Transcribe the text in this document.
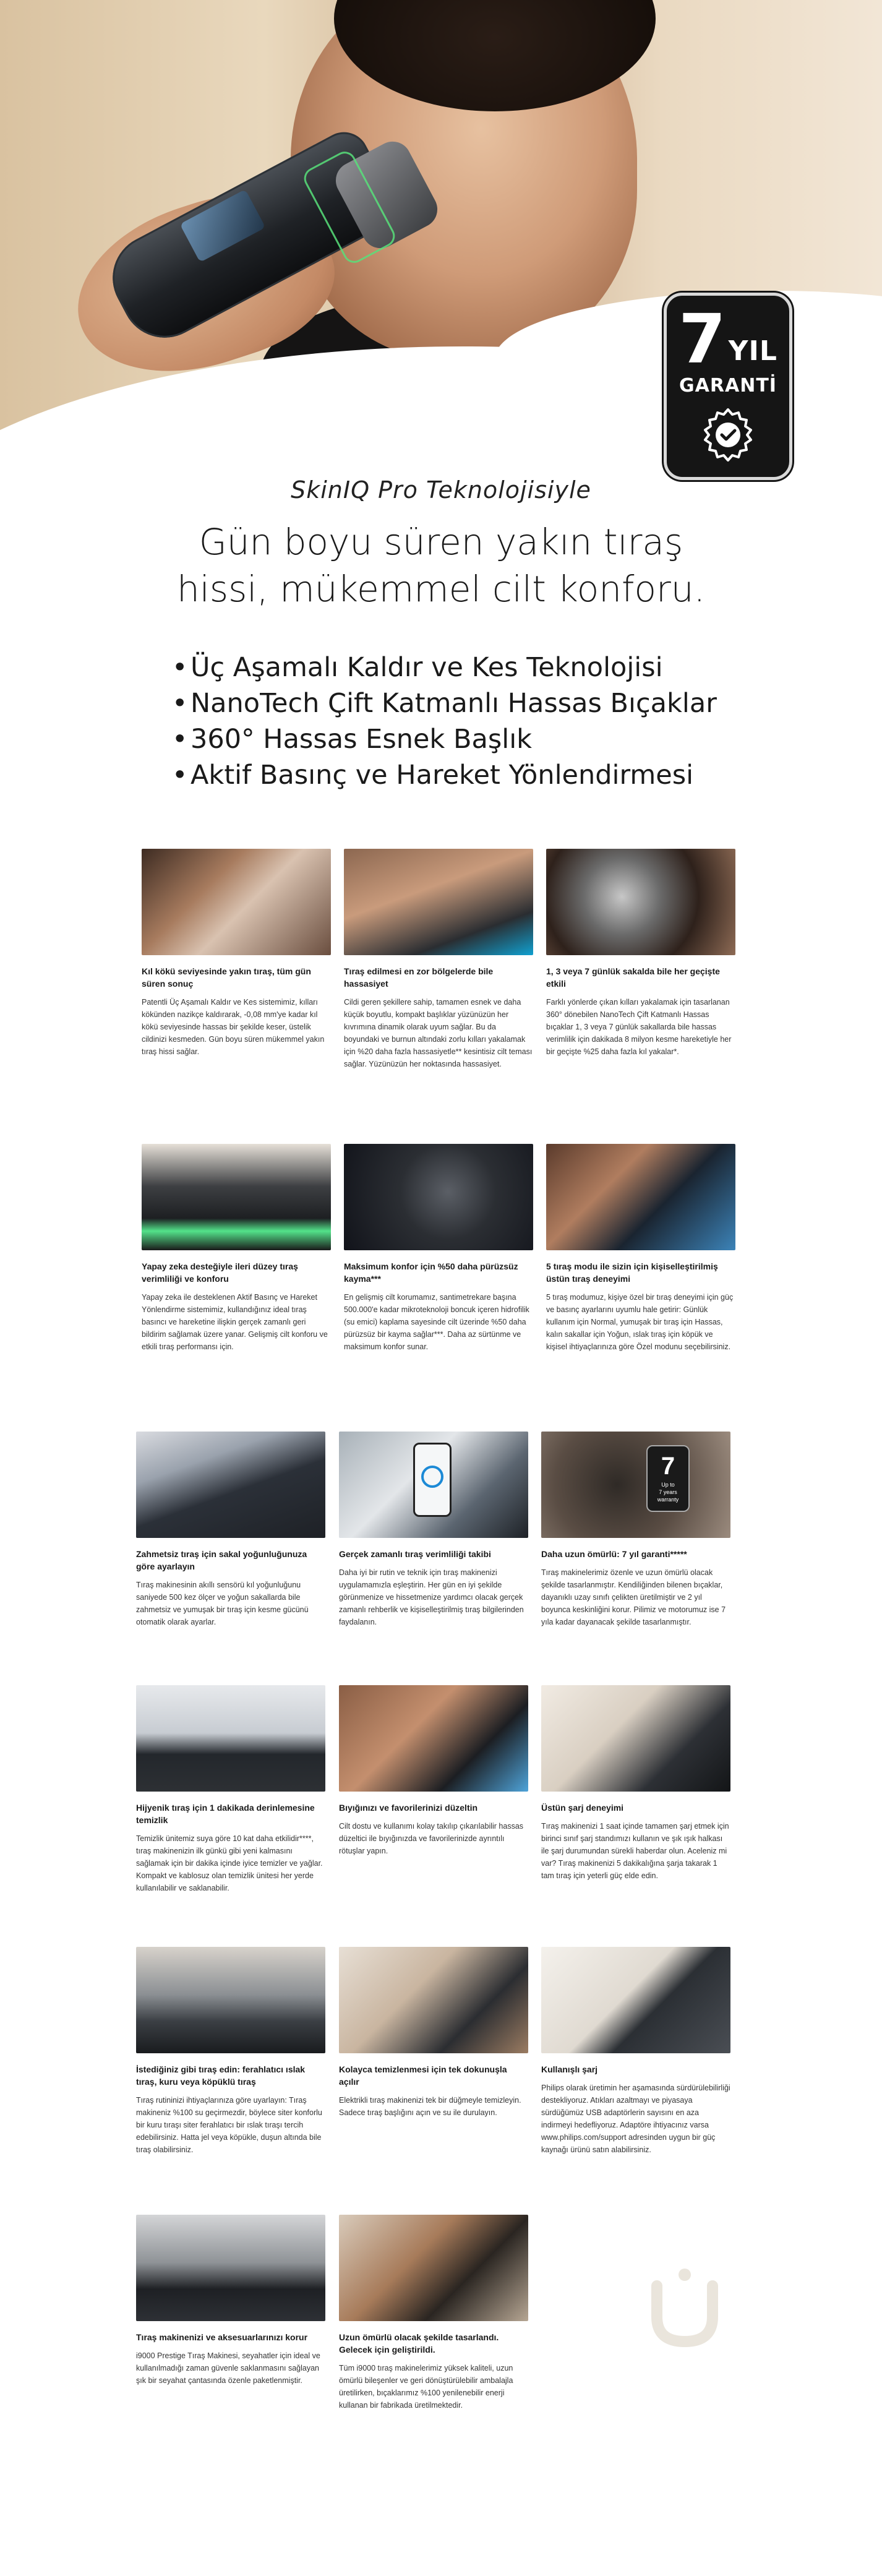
7 YIL
GARANTİ
SkinIQ Pro Teknolojisiyle
Gün boyu süren yakın tıraş
hissi, mükemmel cilt konforu.
• Üç Aşamalı Kaldır ve Kes Teknolojisi
• NanoTech Çift Katmanlı Hassas Bıçaklar
• 360° Hassas Esnek Başlık
• Aktif Basınç ve Hareket Yönlendirmesi
Kıl kökü seviyesinde yakın tıraş, tüm gün süren sonuç
Patentli Üç Aşamalı Kaldır ve Kes sistemimiz, kılları kökünden nazikçe kaldırarak, -0,08 mm'ye kadar kıl kökü seviyesinde hassas bir şekilde keser, üstelik cildinizi kesmeden. Gün boyu süren mükemmel yakın tıraş hissi sağlar.
Tıraş edilmesi en zor bölgelerde bile hassasiyet
Cildi geren şekillere sahip, tamamen esnek ve daha küçük boyutlu, kompakt başlıklar yüzünüzün her kıvrımına dinamik olarak uyum sağlar. Bu da boyundaki ve burnun altındaki zorlu kılları yakalamak için %20 daha fazla hassasiyetle** kesintisiz cilt teması sağlar. Yüzünüzün her noktasında hassasiyet.
1, 3 veya 7 günlük sakalda bile her geçişte etkili
Farklı yönlerde çıkan kılları yakalamak için tasarlanan 360° dönebilen NanoTech Çift Katmanlı Hassas bıçaklar 1, 3 veya 7 günlük sakallarda bile hassas verimlilik için dakikada 8 milyon kesme hareketiyle her bir geçişte %25 daha fazla kıl yakalar*.
Yapay zeka desteğiyle ileri düzey tıraş verimliliği ve konforu
Yapay zeka ile desteklenen Aktif Basınç ve Hareket Yönlendirme sistemimiz, kullandığınız ideal tıraş basıncı ve hareketine ilişkin gerçek zamanlı geri bildirim sağlamak üzere yanar. Gelişmiş cilt konforu ve etkili tıraş performansı için.
Maksimum konfor için %50 daha pürüzsüz kayma***
En gelişmiş cilt korumamız, santimetrekare başına 500.000'e kadar mikroteknoloji boncuk içeren hidrofilik (su emici) kaplama sayesinde cilt üzerinde %50 daha pürüzsüz bir kayma sağlar***. Daha az sürtünme ve maksimum konfor sunar.
5 tıraş modu ile sizin için kişiselleştirilmiş üstün tıraş deneyimi
5 tıraş modumuz, kişiye özel bir tıraş deneyimi için güç ve basınç ayarlarını uyumlu hale getirir: Günlük kullanım için Normal, yumuşak bir tıraş için Hassas, kalın sakallar için Yoğun, ıslak tıraş için köpük ve kişisel ihtiyaçlarınıza göre Özel modunu seçebilirsiniz.
Zahmetsiz tıraş için sakal yoğunluğunuza göre ayarlayın
Tıraş makinesinin akıllı sensörü kıl yoğunluğunu saniyede 500 kez ölçer ve yoğun sakallarda bile zahmetsiz ve yumuşak bir tıraş için kesme gücünü otomatik olarak ayarlar.
Gerçek zamanlı tıraş verimliliği takibi
Daha iyi bir rutin ve teknik için tıraş makinenizi uygulamamızla eşleştirin. Her gün en iyi şekilde görünmenize ve hissetmenize yardımcı olacak gerçek zamanlı rehberlik ve kişiselleştirilmiş tıraş bilgilerinden faydalanın.
7
Up to
7 years
warranty
Daha uzun ömürlü: 7 yıl garanti*****
Tıraş makinelerimiz özenle ve uzun ömürlü olacak şekilde tasarlanmıştır. Kendiliğinden bilenen bıçaklar, dayanıklı uzay sınıfı çelikten üretilmiştir ve 2 yıl boyunca keskinliğini korur. Pilimiz ve motorumuz ise 7 yıla kadar dayanacak şekilde tasarlanmıştır.
Hijyenik tıraş için 1 dakikada derinlemesine temizlik
Temizlik ünitemiz suya göre 10 kat daha etkilidir****, tıraş makinenizin ilk günkü gibi yeni kalmasını sağlamak için bir dakika içinde iyice temizler ve yağlar. Kompakt ve kablosuz olan temizlik ünitesi her yerde kullanılabilir ve saklanabilir.
Bıyığınızı ve favorilerinizi düzeltin
Cilt dostu ve kullanımı kolay takılıp çıkarılabilir hassas düzeltici ile bıyığınızda ve favorilerinizde ayrıntılı rötuşlar yapın.
Üstün şarj deneyimi
Tıraş makinenizi 1 saat içinde tamamen şarj etmek için birinci sınıf şarj standımızı kullanın ve şık ışık halkası ile şarj durumundan sürekli haberdar olun. Aceleniz mi var? Tıraş makinenizi 5 dakikalığına şarja takarak 1 tam tıraş için yeterli güç elde edin.
İstediğiniz gibi tıraş edin: ferahlatıcı ıslak tıraş, kuru veya köpüklü tıraş
Tıraş rutininizi ihtiyaçlarınıza göre uyarlayın: Tıraş makineniz %100 su geçirmezdir, böylece siter konforlu bir kuru tıraşı siter ferahlatıcı bir ıslak tıraşı tercih edebilirsiniz. Hatta jel veya köpükle, duşun altında bile tıraş olabilirsiniz.
Kolayca temizlenmesi için tek dokunuşla açılır
Elektrikli tıraş makinenizi tek bir düğmeyle temizleyin. Sadece tıraş başlığını açın ve su ile durulayın.
Kullanışlı şarj
Philips olarak üretimin her aşamasında sürdürülebilirliği destekliyoruz. Atıkları azaltmayı ve piyasaya sürdüğümüz USB adaptörlerin sayısını en aza indirmeyi hedefliyoruz. Adaptöre ihtiyacınız varsa www.philips.com/support adresinden uygun bir güç kaynağı ürünü satın alabilirsiniz.
Tıraş makinenizi ve aksesuarlarınızı korur
i9000 Prestige Tıraş Makinesi, seyahatler için ideal ve kullanılmadığı zaman güvenle saklanmasını sağlayan şık bir seyahat çantasında özenle paketlenmiştir.
Uzun ömürlü olacak şekilde tasarlandı. Gelecek için geliştirildi.
Tüm i9000 tıraş makinelerimiz yüksek kaliteli, uzun ömürlü bileşenler ve geri dönüştürülebilir ambalajla üretilirken, bıçaklarımız %100 yenilenebilir enerji kullanan bir fabrikada üretilmektedir.
